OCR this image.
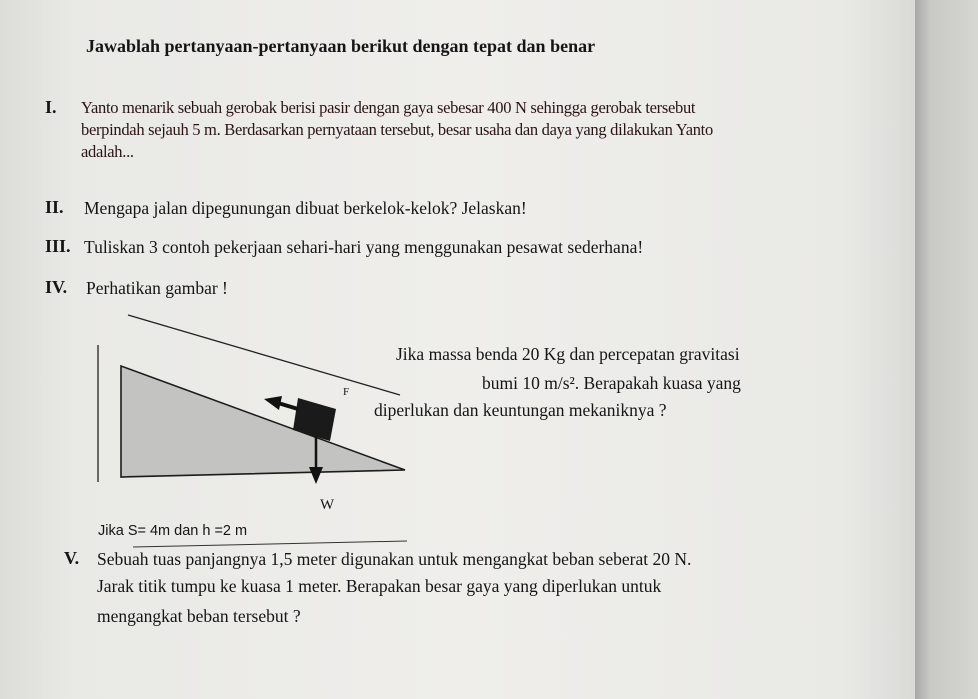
Jawablah pertanyaan-pertanyaan berikut dengan tepat dan benar
I. Yanto menarik sebuah gerobak berisi pasir dengan gaya sebesar 400 N sehingga gerobak tersebut
berpindah sejauh 5 m. Berdasarkan pernyataan tersebut, besar usaha dan daya yang dilakukan Yanto
adalah...
II. Mengapa jalan dipegunungan dibuat berkelok-kelok? Jelaskan!
III. Tuliskan 3 contoh pekerjaan sehari-hari yang menggunakan pesawat sederhana!
IV. Perhatikan gambar !
F
W
Jika massa benda 20 Kg dan percepatan gravitasi
bumi 10 m/s². Berapakah kuasa yang
diperlukan dan keuntungan mekaniknya ?
Jika S= 4m dan h =2 m
V. Sebuah tuas panjangnya 1,5 meter digunakan untuk mengangkat beban seberat 20 N.
Jarak titik tumpu ke kuasa 1 meter. Berapakan besar gaya yang diperlukan untuk
mengangkat beban tersebut ?
